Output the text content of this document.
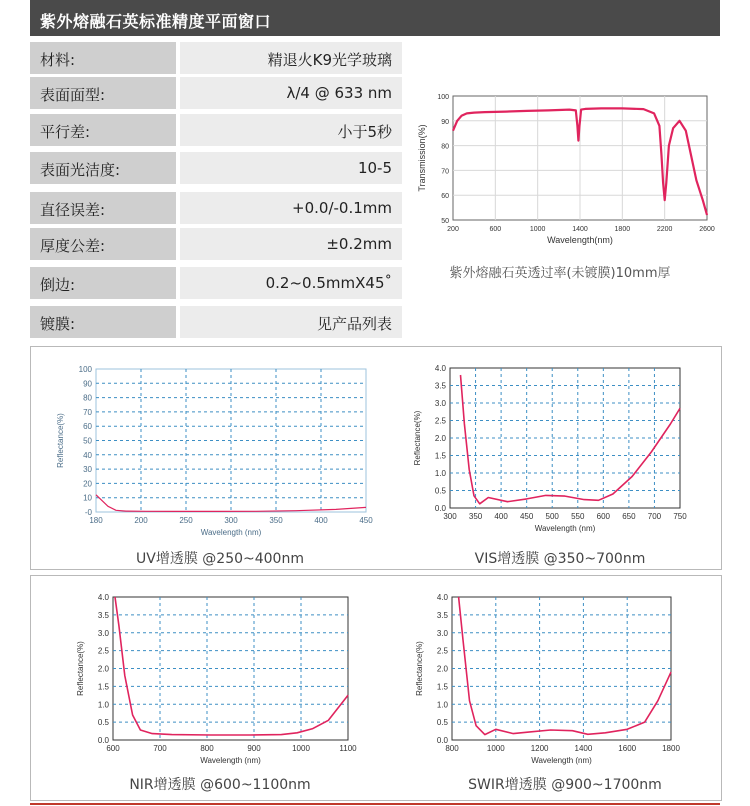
紫外熔融石英标准精度平面窗口
材料:	精退火K9光学玻璃
表面面型:	λ/4 @ 633 nm
平行差:	小于5秒
表面光洁度:	10-5
直径误差:	+0.0/-0.1mm
厚度公差:	±0.2mm
倒边:	0.2~0.5mmX45˚
镀膜:	见产品列表
200	600	1000	1400	1800	2200	2600
50
60
70
80
90
100
Wavelength(nm)
Transmission(%)
紫外熔融石英透过率(未镀膜)10mm厚
180	200	250	300	350	400	450
-0
10
20
30
40
50
60
70
80
90
100
Wavelength (nm)
Reflectance(%)
UV增透膜 @250~400nm
300 350 400 450 500 550 600 650 700 750
0.0
0.5
1.0
1.5
2.0
2.5
3.0
3.5
4.0
Wavelength (nm)
Reflectance(%)
VIS增透膜 @350~700nm
600	700	800	900	1000	1100
0.0
0.5
1.0
1.5
2.0
2.5
3.0
3.5
4.0
Wavelength (nm)
Reflectance(%)
NIR增透膜 @600~1100nm
800	1000	1200	1400	1600	1800
0.0
0.5
1.0
1.5
2.0
2.5
3.0
3.5
4.0
Wavelength (nm)
Reflectance(%)
SWIR增透膜 @900~1700nm
